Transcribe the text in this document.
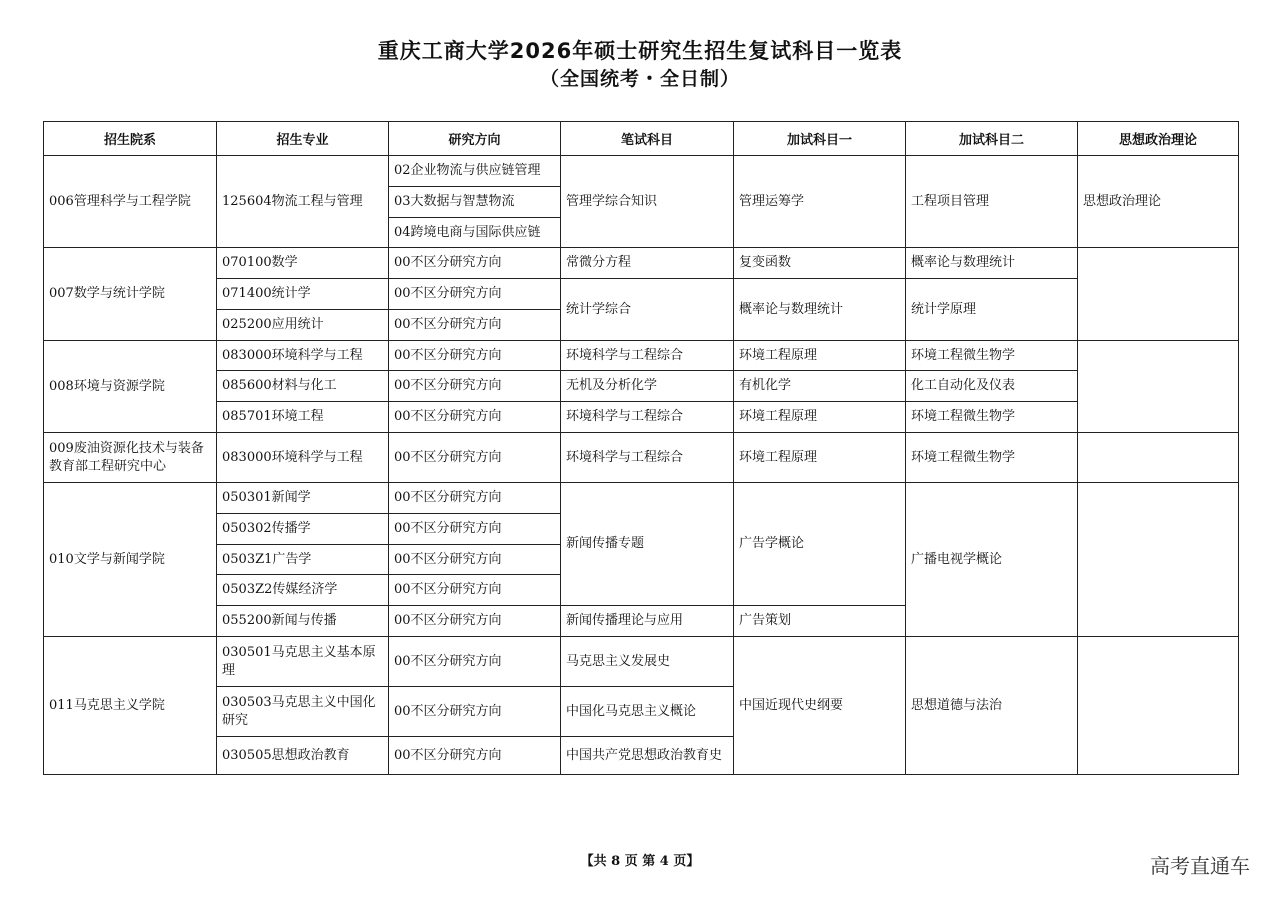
重庆工商大学2026年硕士研究生招生复试科目一览表
（全国统考・全日制）
招生院系	招生专业	研究方向	笔试科目	加试科目一	加试科目二	思想政治理论
006管理科学与工程学院	125604物流工程与管理	02企业物流与供应链管理	管理学综合知识	管理运筹学	工程项目管理	思想政治理论
		03大数据与智慧物流				
		04跨境电商与国际供应链				
007数学与统计学院	070100数学	00不区分研究方向	常微分方程	复变函数	概率论与数理统计	
	071400统计学	00不区分研究方向	统计学综合	概率论与数理统计	统计学原理	
	025200应用统计	00不区分研究方向				
008环境与资源学院	083000环境科学与工程	00不区分研究方向	环境科学与工程综合	环境工程原理	环境工程微生物学	
	085600材料与化工	00不区分研究方向	无机及分析化学	有机化学	化工自动化及仪表	
	085701环境工程	00不区分研究方向	环境科学与工程综合	环境工程原理	环境工程微生物学	
009废油资源化技术与装备教育部工程研究中心	083000环境科学与工程	00不区分研究方向	环境科学与工程综合	环境工程原理	环境工程微生物学	
010文学与新闻学院	050301新闻学	00不区分研究方向	新闻传播专题	广告学概论	广播电视学概论	
	050302传播学	00不区分研究方向				
	0503Z1广告学	00不区分研究方向				
	0503Z2传媒经济学	00不区分研究方向				
	055200新闻与传播	00不区分研究方向	新闻传播理论与应用	广告策划		
011马克思主义学院	030501马克思主义基本原理	00不区分研究方向	马克思主义发展史	中国近现代史纲要	思想道德与法治	
	030503马克思主义中国化研究	00不区分研究方向	中国化马克思主义概论			
	030505思想政治教育	00不区分研究方向	中国共产党思想政治教育史			
【共 8 页 第 4 页】	高考直通车
